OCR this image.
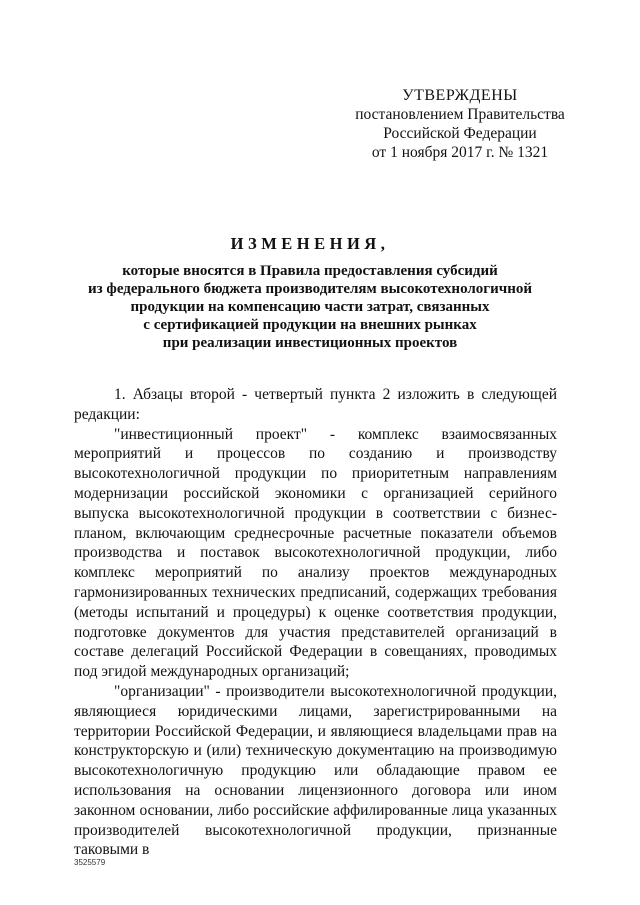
УТВЕРЖДЕНЫ
постановлением Правительства
Российской Федерации
от 1 ноября 2017 г. № 1321
ИЗМЕНЕНИЯ,
которые вносятся в Правила предоставления субсидий
из федерального бюджета производителям высокотехнологичной
продукции на компенсацию части затрат, связанных
с сертификацией продукции на внешних рынках
при реализации инвестиционных проектов

1. Абзацы второй - четвертый пункта 2 изложить в следующей редакции:

"инвестиционный проект" - комплекс взаимосвязанных мероприятий и процессов по созданию и производству высокотехнологичной продукции по приоритетным направлениям модернизации российской экономики с организацией серийного выпуска высокотехнологичной продукции в соответствии с бизнес-планом, включающим среднесрочные расчетные показатели объемов производства и поставок высокотехнологичной продукции, либо комплекс мероприятий по анализу проектов международных гармонизированных технических предписаний, содержащих требования (методы испытаний и процедуры) к оценке соответствия продукции, подготовке документов для участия представителей организаций в составе делегаций Российской Федерации в совещаниях, проводимых под эгидой международных организаций;

"организации" - производители высокотехнологичной продукции, являющиеся юридическими лицами, зарегистрированными на территории Российской Федерации, и являющиеся владельцами прав на конструкторскую и (или) техническую документацию на производимую высокотехнологичную продукцию или обладающие правом ее использования на основании лицензионного договора или ином законном основании, либо российские аффилированные лица указанных производителей высокотехнологичной продукции, признанные таковыми в

3525579
